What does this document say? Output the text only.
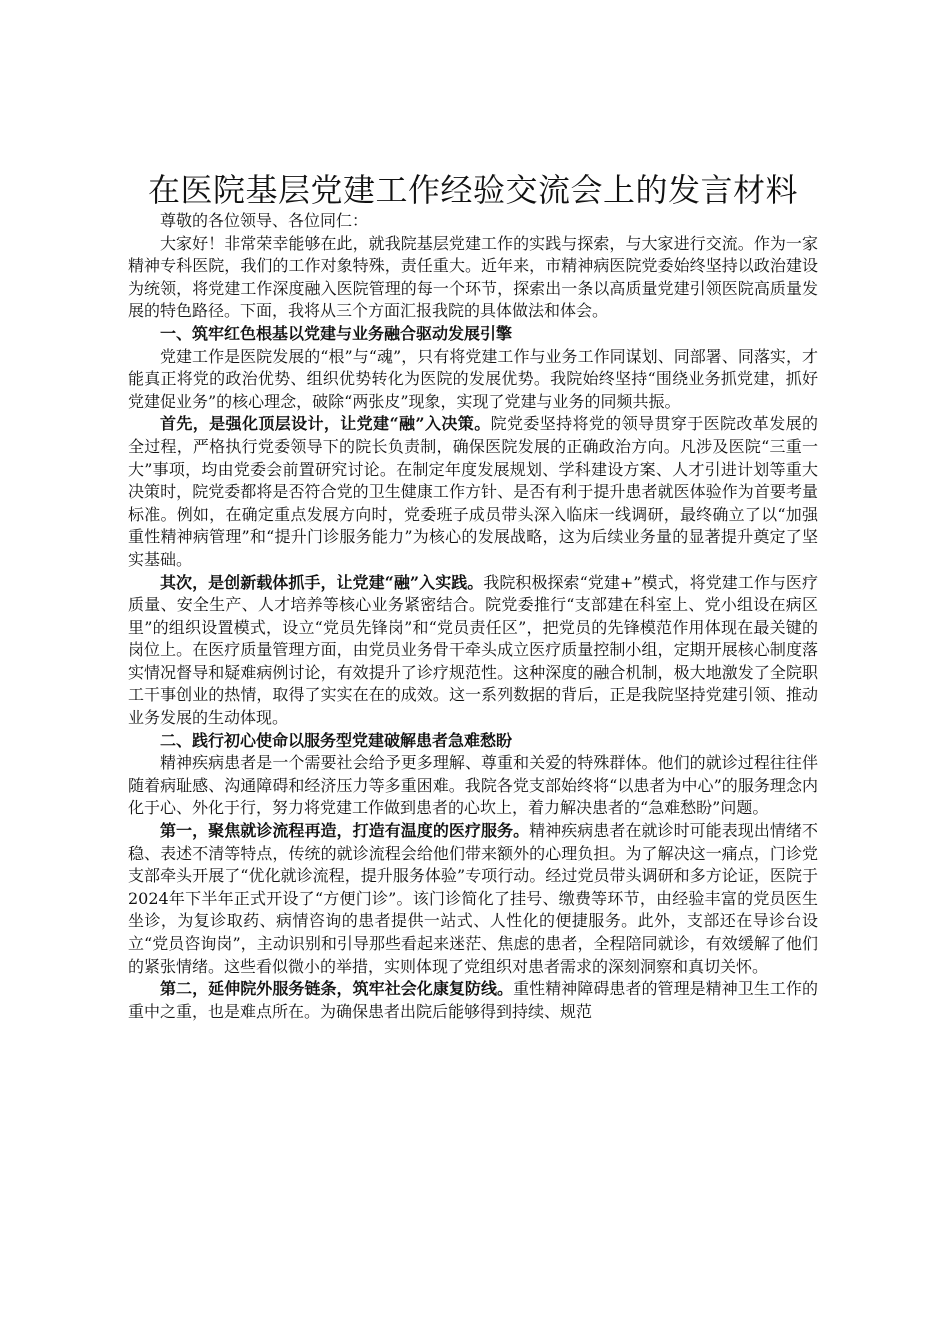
在医院基层党建工作经验交流会上的发言材料

尊敬的各位领导、各位同仁：

大家好！非常荣幸能够在此，就我院基层党建工作的实践与探索，与大家进行交流。作为一家精神专科医院，我们的工作对象特殊，责任重大。近年来，市精神病医院党委始终坚持以政治建设为统领，将党建工作深度融入医院管理的每一个环节，探索出一条以高质量党建引领医院高质量发展的特色路径。下面，我将从三个方面汇报我院的具体做法和体会。

一、筑牢红色根基以党建与业务融合驱动发展引擎

党建工作是医院发展的“根”与“魂”，只有将党建工作与业务工作同谋划、同部署、同落实，才能真正将党的政治优势、组织优势转化为医院的发展优势。我院始终坚持“围绕业务抓党建，抓好党建促业务”的核心理念，破除“两张皮”现象，实现了党建与业务的同频共振。

首先，是强化顶层设计，让党建“融”入决策。院党委坚持将党的领导贯穿于医院改革发展的全过程，严格执行党委领导下的院长负责制，确保医院发展的正确政治方向。凡涉及医院“三重一大”事项，均由党委会前置研究讨论。在制定年度发展规划、学科建设方案、人才引进计划等重大决策时，院党委都将是否符合党的卫生健康工作方针、是否有利于提升患者就医体验作为首要考量标准。例如，在确定重点发展方向时，党委班子成员带头深入临床一线调研，最终确立了以“加强重性精神病管理”和“提升门诊服务能力”为核心的发展战略，这为后续业务量的显著提升奠定了坚实基础。

其次，是创新载体抓手，让党建“融”入实践。我院积极探索“党建+”模式，将党建工作与医疗质量、安全生产、人才培养等核心业务紧密结合。院党委推行“支部建在科室上、党小组设在病区里”的组织设置模式，设立“党员先锋岗”和“党员责任区”，把党员的先锋模范作用体现在最关键的岗位上。在医疗质量管理方面，由党员业务骨干牵头成立医疗质量控制小组，定期开展核心制度落实情况督导和疑难病例讨论，有效提升了诊疗规范性。这种深度的融合机制，极大地激发了全院职工干事创业的热情，取得了实实在在的成效。这一系列数据的背后，正是我院坚持党建引领、推动业务发展的生动体现。

二、践行初心使命以服务型党建破解患者急难愁盼

精神疾病患者是一个需要社会给予更多理解、尊重和关爱的特殊群体。他们的就诊过程往往伴随着病耻感、沟通障碍和经济压力等多重困难。我院各党支部始终将“以患者为中心”的服务理念内化于心、外化于行，努力将党建工作做到患者的心坎上，着力解决患者的“急难愁盼”问题。

第一，聚焦就诊流程再造，打造有温度的医疗服务。精神疾病患者在就诊时可能表现出情绪不稳、表述不清等特点，传统的就诊流程会给他们带来额外的心理负担。为了解决这一痛点，门诊党支部牵头开展了“优化就诊流程，提升服务体验”专项行动。经过党员带头调研和多方论证，医院于2024年下半年正式开设了“方便门诊”。该门诊简化了挂号、缴费等环节，由经验丰富的党员医生坐诊，为复诊取药、病情咨询的患者提供一站式、人性化的便捷服务。此外，支部还在导诊台设立“党员咨询岗”，主动识别和引导那些看起来迷茫、焦虑的患者，全程陪同就诊，有效缓解了他们的紧张情绪。这些看似微小的举措，实则体现了党组织对患者需求的深刻洞察和真切关怀。

第二，延伸院外服务链条，筑牢社会化康复防线。重性精神障碍患者的管理是精神卫生工作的重中之重，也是难点所在。为确保患者出院后能够得到持续、规范
